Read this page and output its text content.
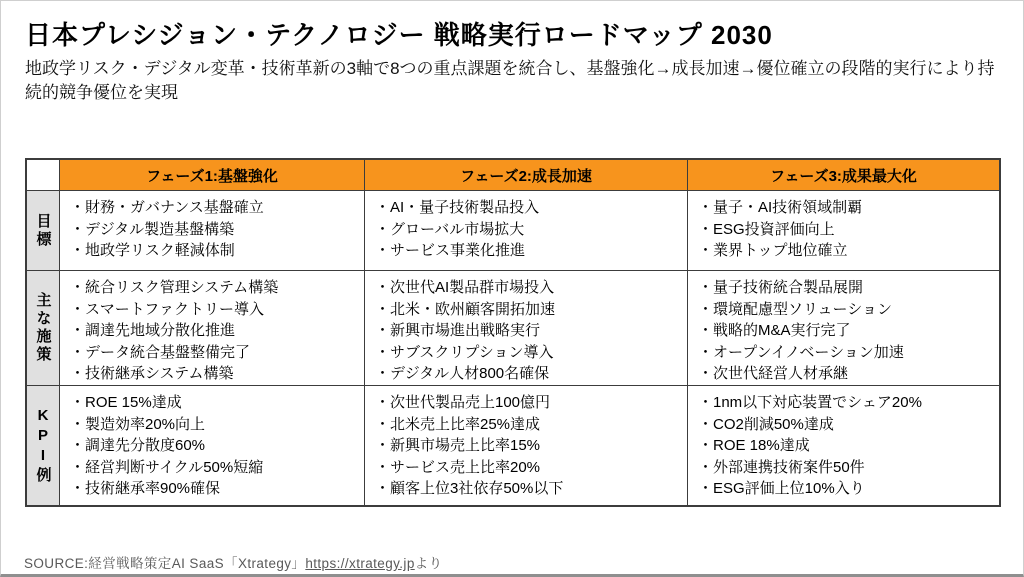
日本プレシジョン・テクノロジー 戦略実行ロードマップ 2030

地政学リスク・デジタル変革・技術革新の3軸で8つの重点課題を統合し、基盤強化→成長加速→優位確立の段階的実行により持続的競争優位を実現

フェーズ1:基盤強化	フェーズ2:成長加速	フェーズ3:成果最大化
目標
・財務・ガバナンス基盤確立
・デジタル製造基盤構築
・地政学リスク軽減体制
・AI・量子技術製品投入
・グローバル市場拡大
・サービス事業化推進
・量子・AI技術領域制覇
・ESG投資評価向上
・業界トップ地位確立
主な施策
・統合リスク管理システム構築
・スマートファクトリー導入
・調達先地域分散化推進
・データ統合基盤整備完了
・技術継承システム構築
・次世代AI製品群市場投入
・北米・欧州顧客開拓加速
・新興市場進出戦略実行
・サブスクリプション導入
・デジタル人材800名確保
・量子技術統合製品展開
・環境配慮型ソリューション
・戦略的M&A実行完了
・オープンイノベーション加速
・次世代経営人材承継
KPI例
・ROE 15%達成
・製造効率20%向上
・調達先分散度60%
・経営判断サイクル50%短縮
・技術継承率90%確保
・次世代製品売上100億円
・北米売上比率25%達成
・新興市場売上比率15%
・サービス売上比率20%
・顧客上位3社依存50%以下
・1nm以下対応装置でシェア20%
・CO2削減50%達成
・ROE 18%達成
・外部連携技術案件50件
・ESG評価上位10%入り

SOURCE:経営戦略策定AI SaaS「Xtrategy」https://xtrategy.jpより
